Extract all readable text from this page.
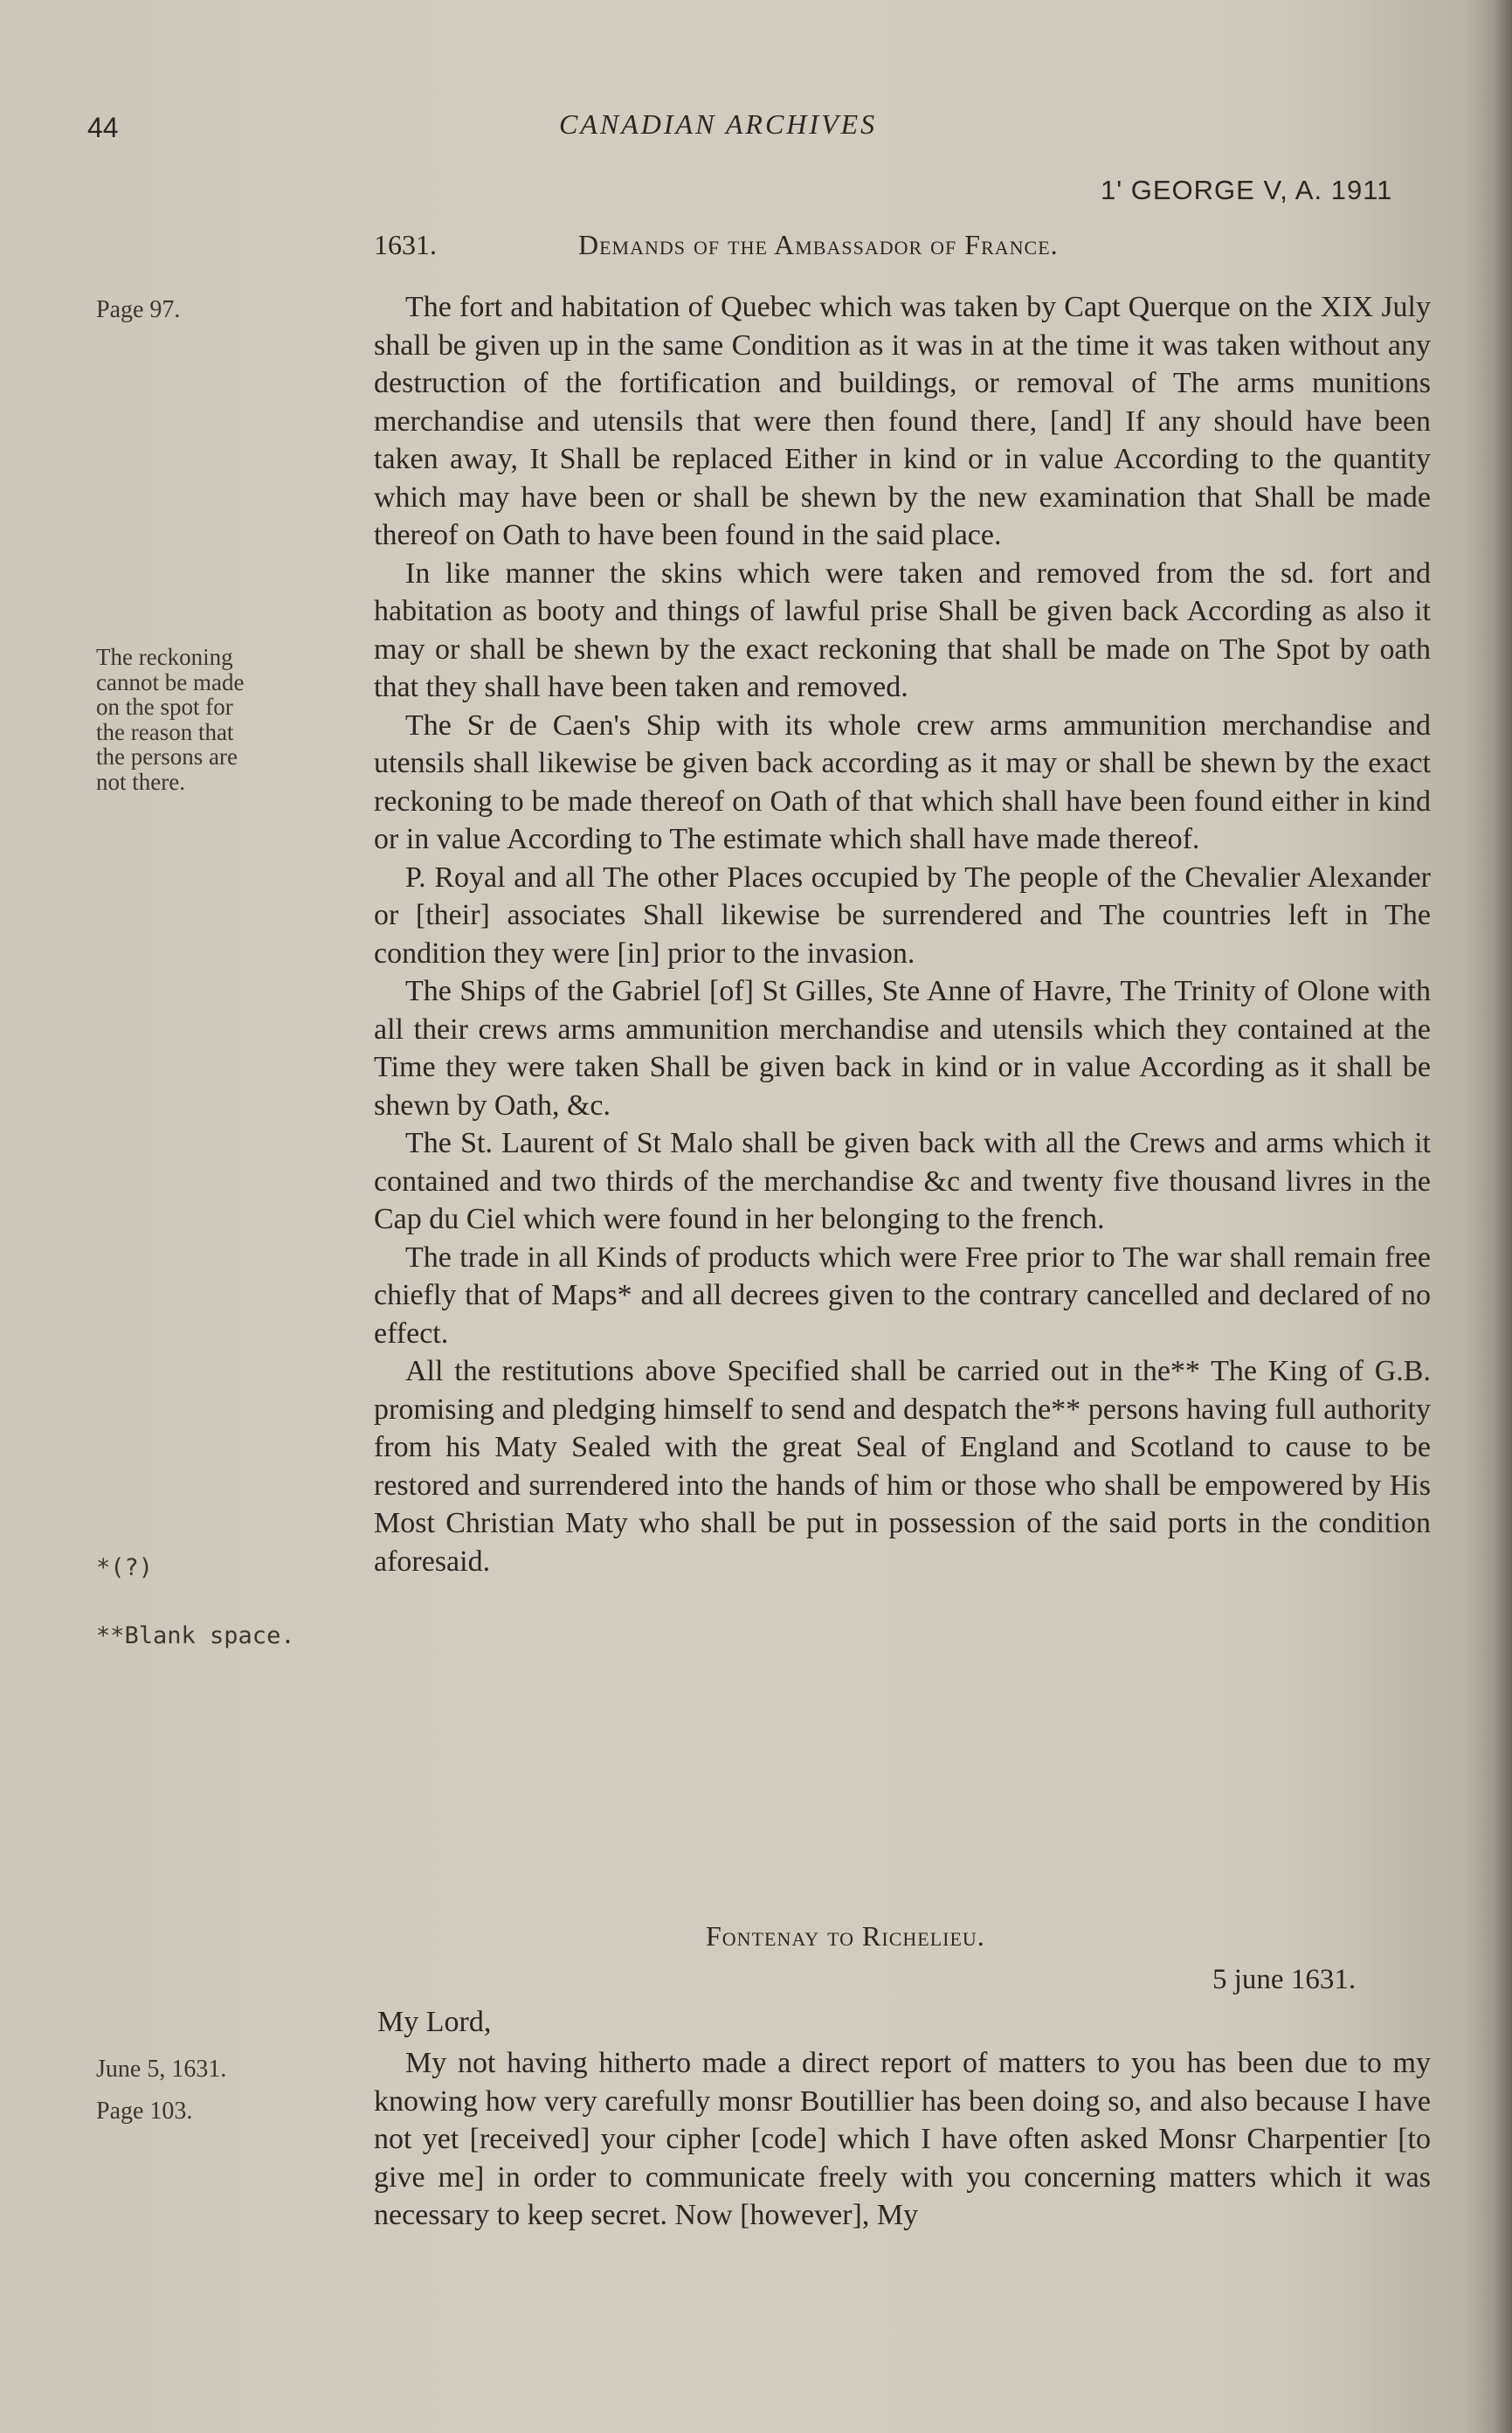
44	CANADIAN ARCHIVES
1' GEORGE V, A. 1911
1631.	Demands of the Ambassador of France.
Page 97.
The reckoning
cannot be made
on the spot for
the reason that
the persons are
not there.
*(?)
**Blank space.
June 5, 1631.
Page 103.

The fort and habitation of Quebec which was taken by Capt Querque on the XIX July shall be given up in the same Condition as it was in at the time it was taken without any destruction of the fortification and buildings, or removal of The arms munitions merchandise and utensils that were then found there, [and] If any should have been taken away, It Shall be replaced Either in kind or in value According to the quantity which may have been or shall be shewn by the new examination that Shall be made thereof on Oath to have been found in the said place.

In like manner the skins which were taken and removed from the sd. fort and habitation as booty and things of lawful prise Shall be given back According as also it may or shall be shewn by the exact reckoning that shall be made on The Spot by oath that they shall have been taken and removed.

The Sr de Caen's Ship with its whole crew arms ammunition merchandise and utensils shall likewise be given back according as it may or shall be shewn by the exact reckoning to be made thereof on Oath of that which shall have been found either in kind or in value According to The estimate which shall have made thereof.

P. Royal and all The other Places occupied by The people of the Chevalier Alexander or [their] associates Shall likewise be surrendered and The countries left in The condition they were [in] prior to the invasion.

The Ships of the Gabriel [of] St Gilles, Ste Anne of Havre, The Trinity of Olone with all their crews arms ammunition merchandise and utensils which they contained at the Time they were taken Shall be given back in kind or in value According as it shall be shewn by Oath, &c.

The St. Laurent of St Malo shall be given back with all the Crews and arms which it contained and two thirds of the merchandise &c and twenty five thousand livres in the Cap du Ciel which were found in her belonging to the french.

The trade in all Kinds of products which were Free prior to The war shall remain free chiefly that of Maps* and all decrees given to the contrary cancelled and declared of no effect.

All the restitutions above Specified shall be carried out in the** The King of G.B. promising and pledging himself to send and despatch the** persons having full authority from his Maty Sealed with the great Seal of England and Scotland to cause to be restored and surrendered into the hands of him or those who shall be empowered by His Most Christian Maty who shall be put in possession of the said ports in the condition aforesaid.

Fontenay to Richelieu.
5 june 1631.
My Lord,

My not having hitherto made a direct report of matters to you has been due to my knowing how very carefully monsr Boutillier has been doing so, and also because I have not yet [received] your cipher [code] which I have often asked Monsr Charpentier [to give me] in order to communicate freely with you concerning matters which it was necessary to keep secret. Now [however], My
